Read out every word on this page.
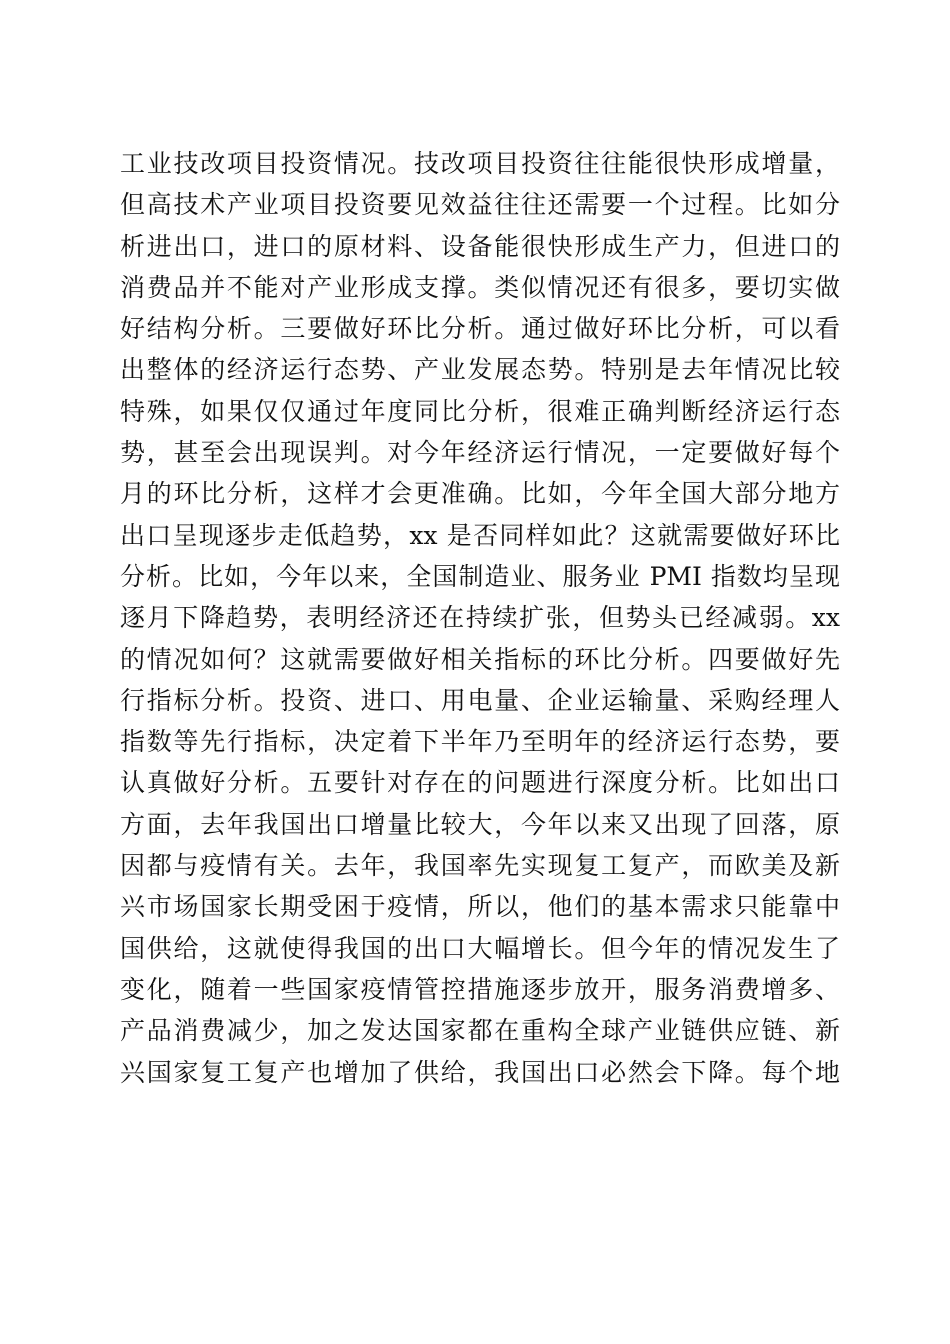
工业技改项目投资情况。技改项目投资往往能很快形成增量，
但高技术产业项目投资要见效益往往还需要一个过程。比如分
析进出口，进口的原材料、设备能很快形成生产力，但进口的
消费品并不能对产业形成支撑。类似情况还有很多，要切实做
好结构分析。三要做好环比分析。通过做好环比分析，可以看
出整体的经济运行态势、产业发展态势。特别是去年情况比较
特殊，如果仅仅通过年度同比分析，很难正确判断经济运行态
势，甚至会出现误判。对今年经济运行情况，一定要做好每个
月的环比分析，这样才会更准确。比如，今年全国大部分地方
出口呈现逐步走低趋势，xx 是否同样如此？这就需要做好环比
分析。比如，今年以来，全国制造业、服务业 PMI 指数均呈现
逐月下降趋势，表明经济还在持续扩张，但势头已经减弱。xx
的情况如何？这就需要做好相关指标的环比分析。四要做好先
行指标分析。投资、进口、用电量、企业运输量、采购经理人
指数等先行指标，决定着下半年乃至明年的经济运行态势，要
认真做好分析。五要针对存在的问题进行深度分析。比如出口
方面，去年我国出口增量比较大，今年以来又出现了回落，原
因都与疫情有关。去年，我国率先实现复工复产，而欧美及新
兴市场国家长期受困于疫情，所以，他们的基本需求只能靠中
国供给，这就使得我国的出口大幅增长。但今年的情况发生了
变化，随着一些国家疫情管控措施逐步放开，服务消费增多、
产品消费减少，加之发达国家都在重构全球产业链供应链、新
兴国家复工复产也增加了供给，我国出口必然会下降。每个地
